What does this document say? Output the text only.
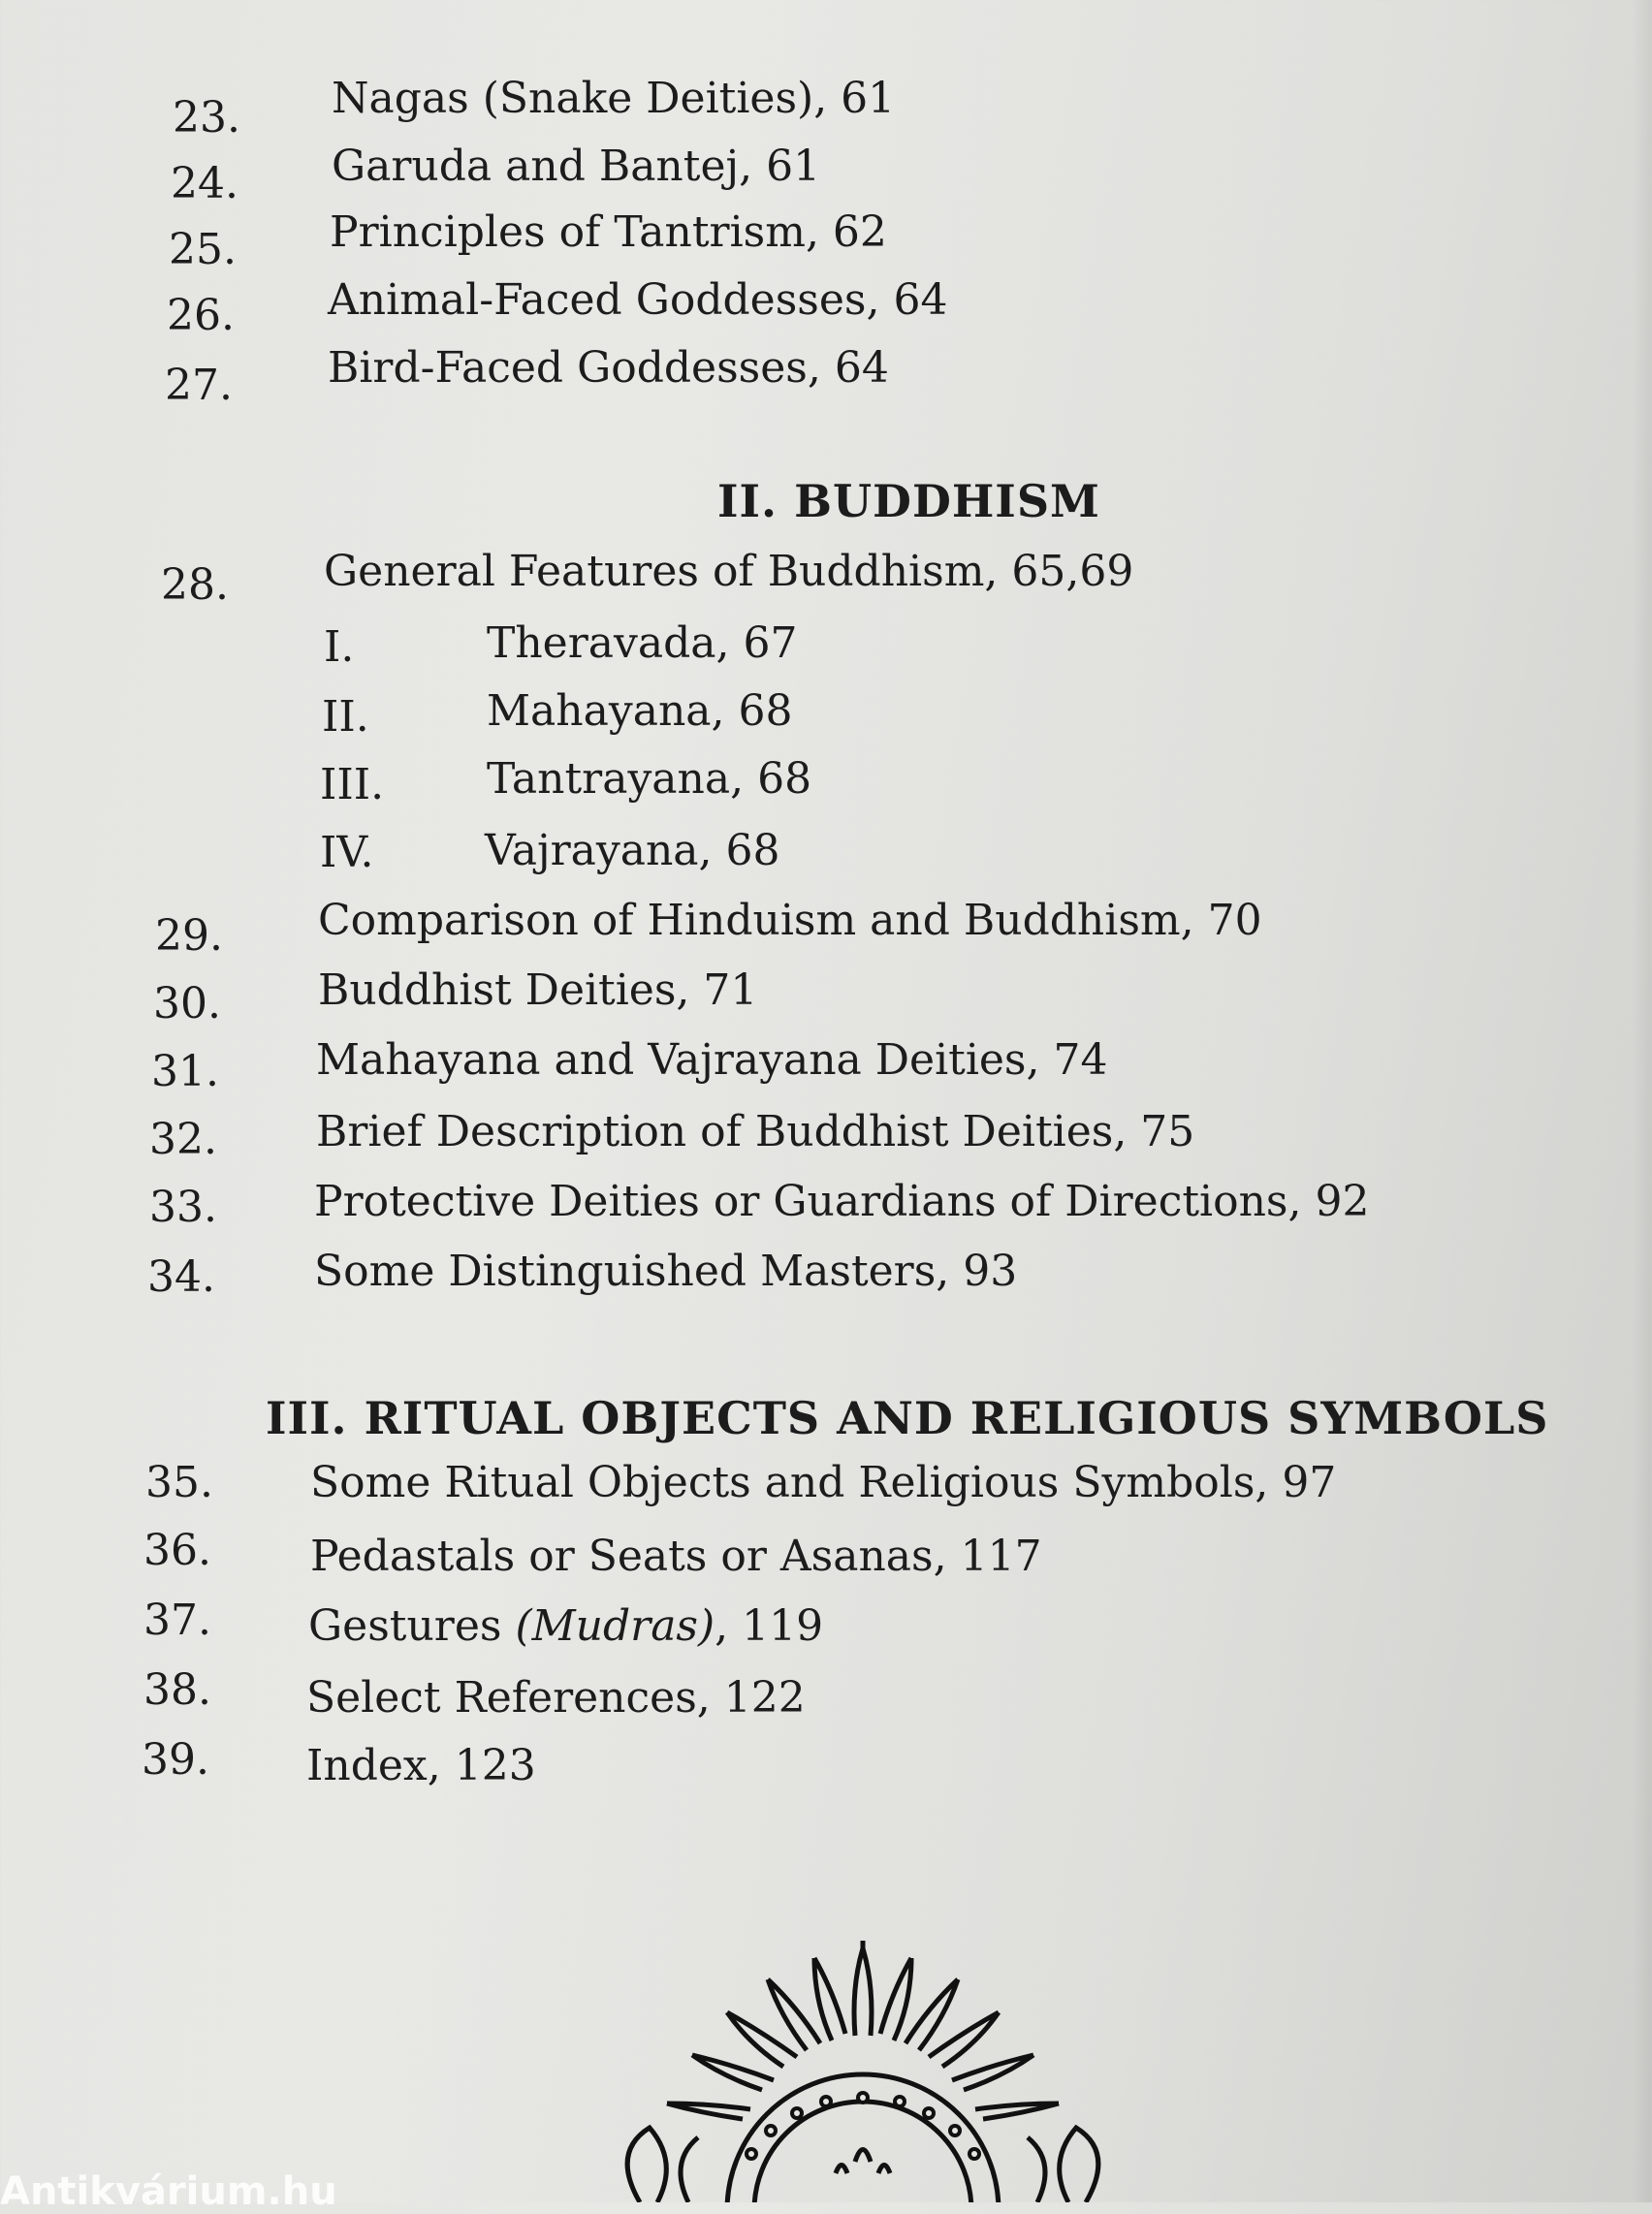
23. Nagas (Snake Deities), 61
24. Garuda and Bantej, 61
25. Principles of Tantrism, 62
26. Animal-Faced Goddesses, 64
27. Bird-Faced Goddesses, 64
II. BUDDHISM
28. General Features of Buddhism, 65,69
I.	Theravada, 67
II.	Mahayana, 68
III. Tantrayana, 68
IV.	Vajrayana, 68
29. Comparison of Hinduism and Buddhism, 70
30. Buddhist Deities, 71
31. Mahayana and Vajrayana Deities, 74
32. Brief Description of Buddhist Deities, 75
33. Protective Deities or Guardians of Directions, 92
34. Some Distinguished Masters, 93
III. RITUAL OBJECTS AND RELIGIOUS SYMBOLS
35. Some Ritual Objects and Religious Symbols, 97
36. Pedastals or Seats or Asanas, 117
37. Gestures (Mudras), 119
38. Select References, 122
39. Index, 123
Antikvárium.hu
